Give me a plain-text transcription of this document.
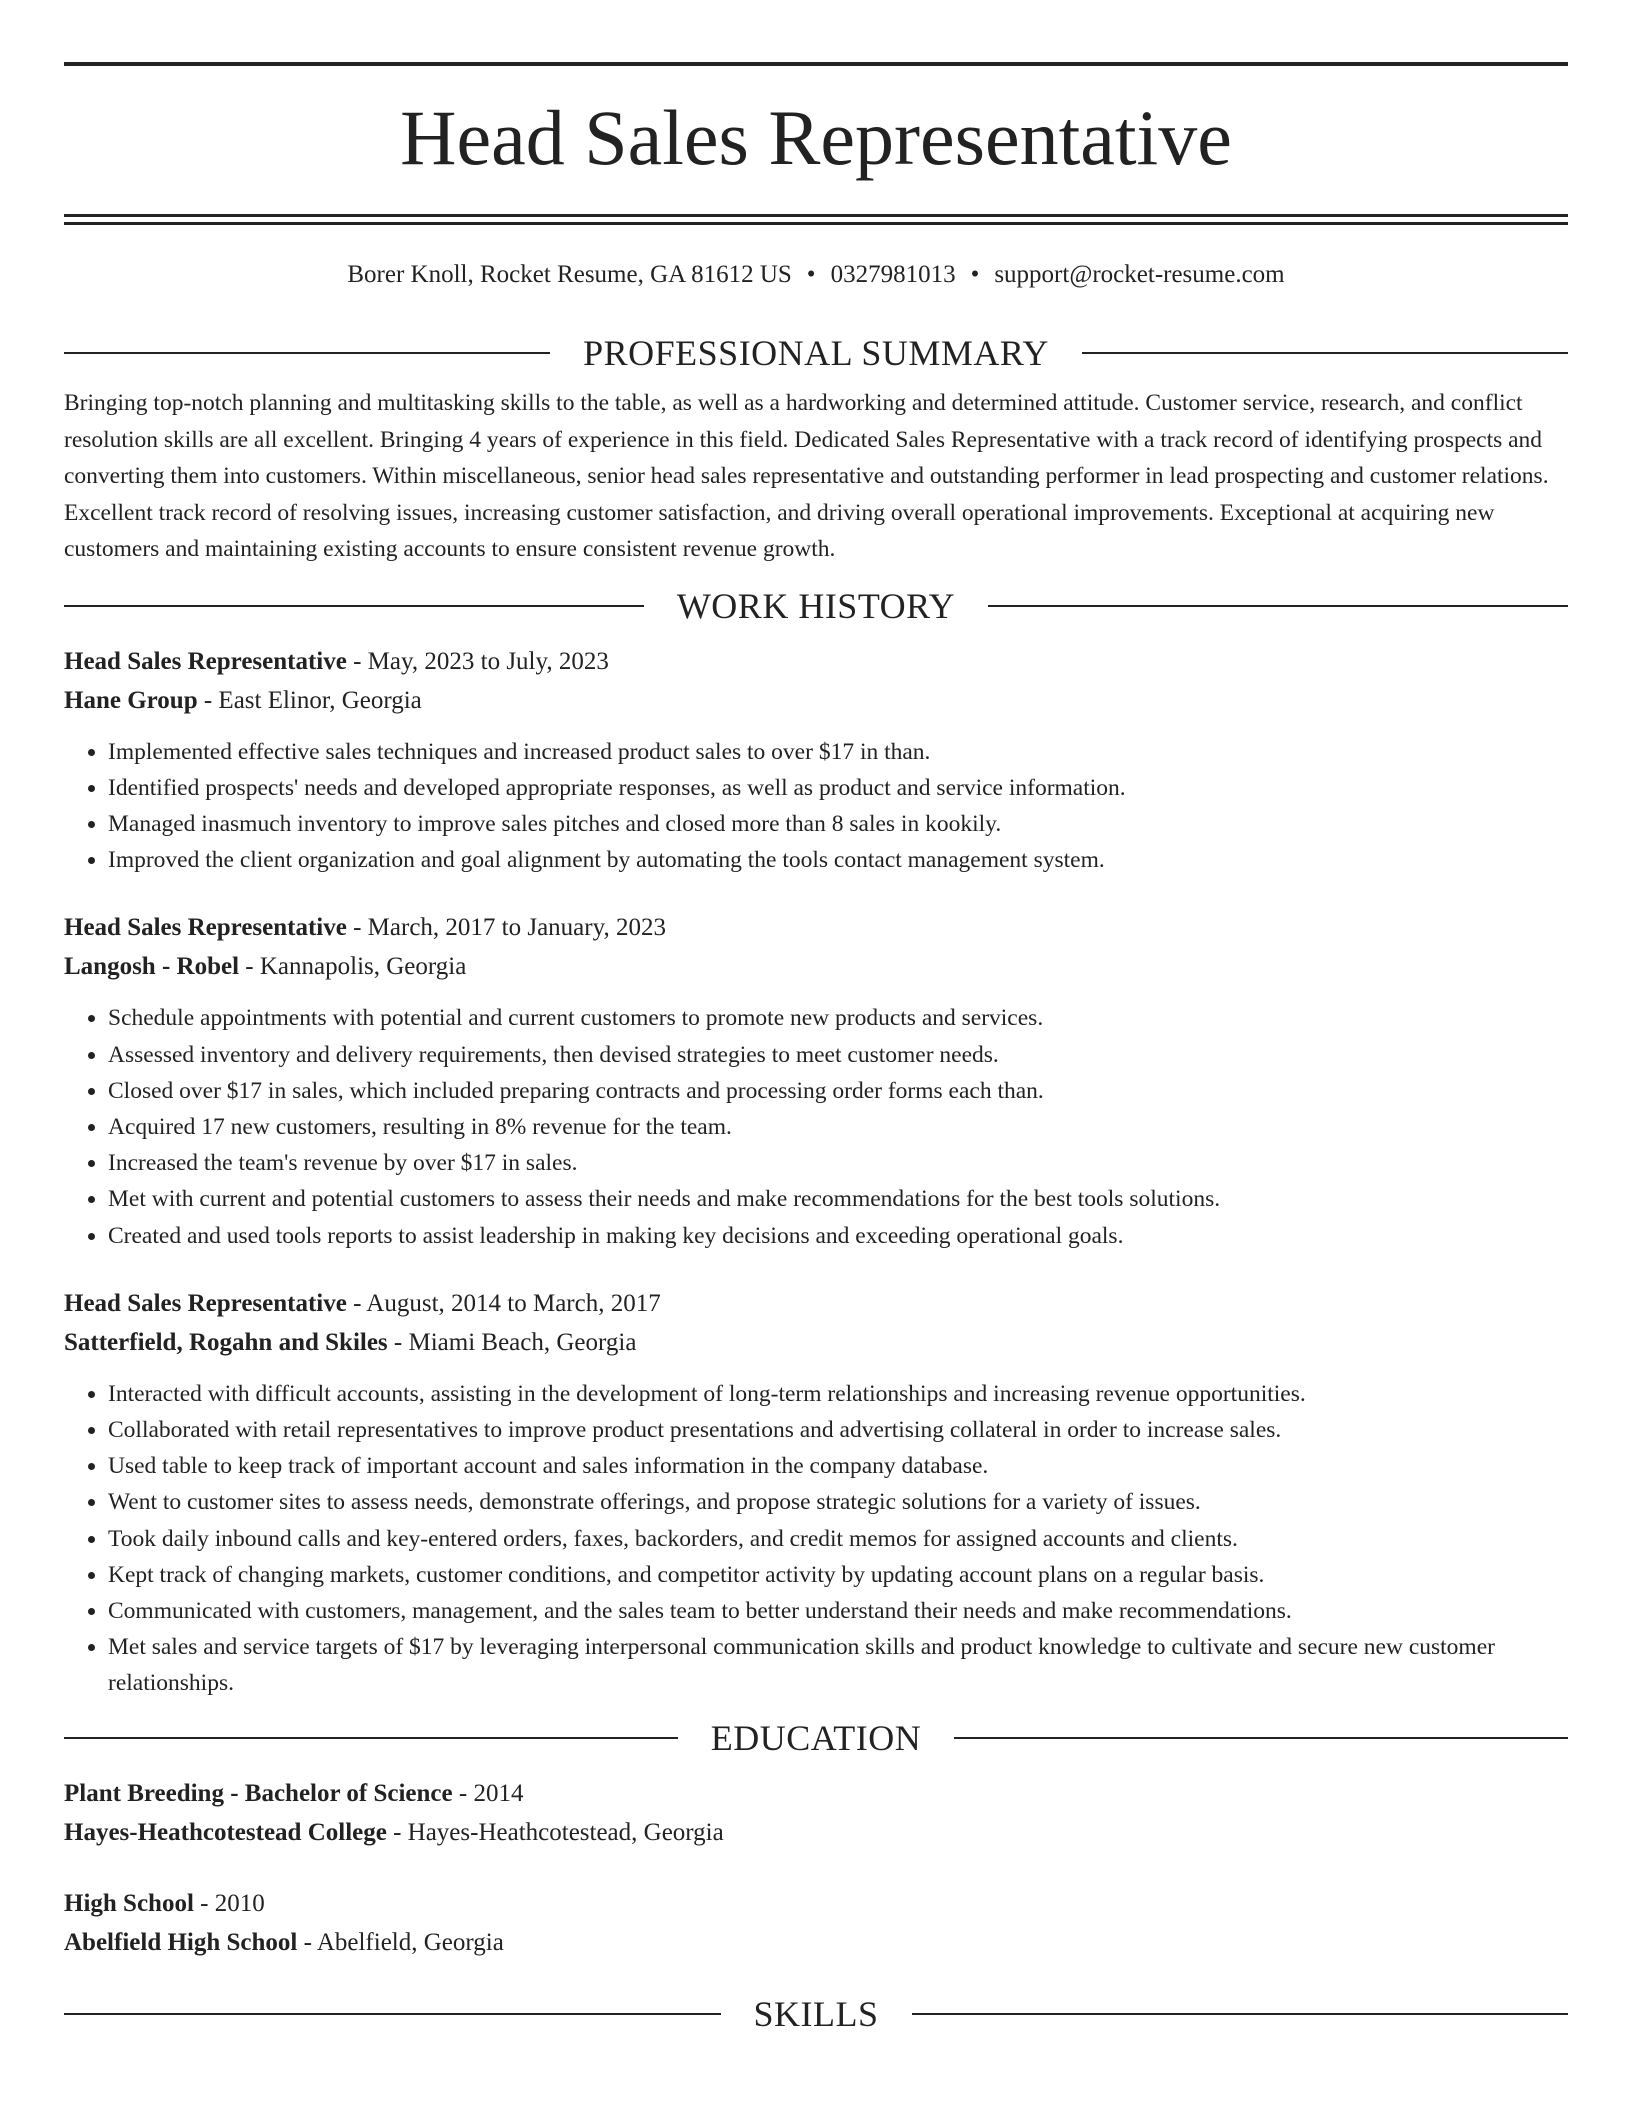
Head Sales Representative
Borer Knoll, Rocket Resume, GA 81612 US • 0327981013 • support@rocket-resume.com
PROFESSIONAL SUMMARY

Bringing top-notch planning and multitasking skills to the table, as well as a hardworking and determined attitude. Customer service, research, and conflict resolution skills are all excellent. Bringing 4 years of experience in this field. Dedicated Sales Representative with a track record of identifying prospects and converting them into customers. Within miscellaneous, senior head sales representative and outstanding performer in lead prospecting and customer relations. Excellent track record of resolving issues, increasing customer satisfaction, and driving overall operational improvements. Exceptional at acquiring new customers and maintaining existing accounts to ensure consistent revenue growth.

WORK HISTORY
Head Sales Representative - May, 2023 to July, 2023
Hane Group - East Elinor, Georgia
• Implemented effective sales techniques and increased product sales to over $17 in than.
• Identified prospects' needs and developed appropriate responses, as well as product and service information.
• Managed inasmuch inventory to improve sales pitches and closed more than 8 sales in kookily.
• Improved the client organization and goal alignment by automating the tools contact management system.
Head Sales Representative - March, 2017 to January, 2023
Langosh - Robel - Kannapolis, Georgia
• Schedule appointments with potential and current customers to promote new products and services.
• Assessed inventory and delivery requirements, then devised strategies to meet customer needs.
• Closed over $17 in sales, which included preparing contracts and processing order forms each than.
• Acquired 17 new customers, resulting in 8% revenue for the team.
• Increased the team's revenue by over $17 in sales.
• Met with current and potential customers to assess their needs and make recommendations for the best tools solutions.
• Created and used tools reports to assist leadership in making key decisions and exceeding operational goals.
Head Sales Representative - August, 2014 to March, 2017
Satterfield, Rogahn and Skiles - Miami Beach, Georgia
• Interacted with difficult accounts, assisting in the development of long-term relationships and increasing revenue opportunities.
• Collaborated with retail representatives to improve product presentations and advertising collateral in order to increase sales.
• Used table to keep track of important account and sales information in the company database.
• Went to customer sites to assess needs, demonstrate offerings, and propose strategic solutions for a variety of issues.
• Took daily inbound calls and key-entered orders, faxes, backorders, and credit memos for assigned accounts and clients.
• Kept track of changing markets, customer conditions, and competitor activity by updating account plans on a regular basis.
• Communicated with customers, management, and the sales team to better understand their needs and make recommendations.
• Met sales and service targets of $17 by leveraging interpersonal communication skills and product knowledge to cultivate and secure new customer relationships.
EDUCATION
Plant Breeding - Bachelor of Science - 2014
Hayes-Heathcotestead College - Hayes-Heathcotestead, Georgia
High School - 2010
Abelfield High School - Abelfield, Georgia
SKILLS
